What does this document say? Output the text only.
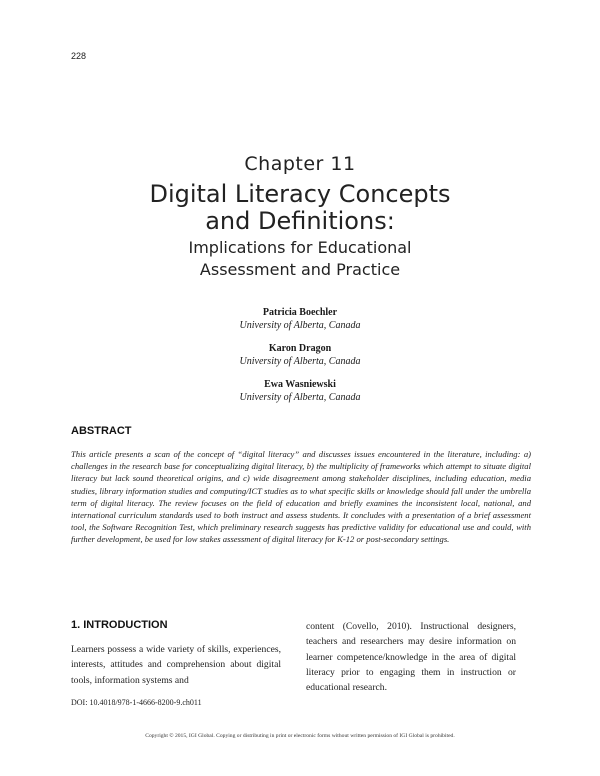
228
Chapter 11
Digital Literacy Concepts
and Definitions:
Implications for Educational
Assessment and Practice
Patricia Boechler
University of Alberta, Canada
Karon Dragon
University of Alberta, Canada
Ewa Wasniewski
University of Alberta, Canada
ABSTRACT
This article presents a scan of the concept of “digital literacy” and discusses issues encountered in the literature, including: a) challenges in the research base for conceptualizing digital literacy, b) the multiplicity of frameworks which attempt to situate digital literacy but lack sound theoretical origins, and c) wide disagreement among stakeholder disciplines, including education, media studies, library information studies and computing/ICT studies as to what specific skills or knowledge should fall under the umbrella term of digital literacy. The review focuses on the field of education and briefly examines the inconsistent local, national, and international curriculum standards used to both instruct and assess students. It concludes with a presentation of a brief assessment tool, the Software Recognition Test, which preliminary research suggests has predictive validity for educational use and could, with further development, be used for low stakes assessment of digital literacy for K-12 or post-secondary settings.
1. INTRODUCTION
Learners possess a wide variety of skills, experiences, interests, attitudes and comprehension about digital tools, information systems and
content (Covello, 2010). Instructional designers, teachers and researchers may desire information on learner competence/knowledge in the area of digital literacy prior to engaging them in instruction or educational research.
DOI: 10.4018/978-1-4666-8200-9.ch011
Copyright © 2015, IGI Global. Copying or distributing in print or electronic forms without written permission of IGI Global is prohibited.
